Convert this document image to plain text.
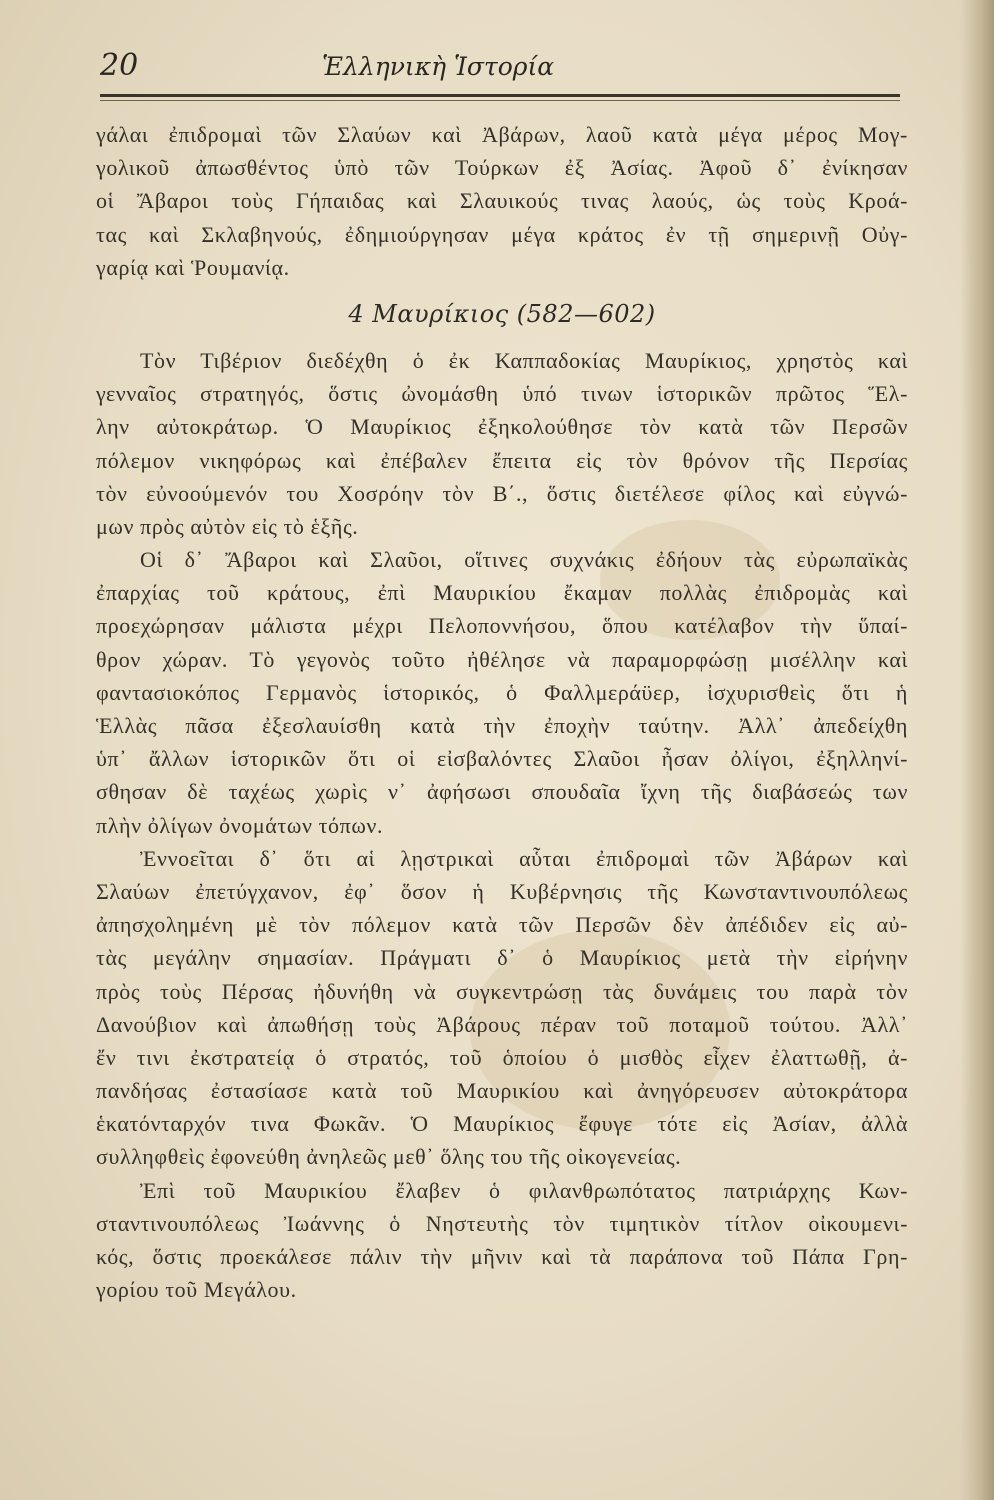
20	Ἑλληνικὴ Ἱστορία
γάλαι ἐπιδρομαὶ τῶν Σλαύων καὶ Ἀβάρων, λαοῦ κατὰ μέγα μέρος Μογ-
γολικοῦ ἀπωσθέντος ὑπὸ τῶν Τούρκων ἐξ Ἀσίας. Ἀφοῦ δ᾽ ἐνίκησαν
οἱ Ἄβαροι τοὺς Γήπαιδας καὶ Σλαυικούς τινας λαούς, ὡς τοὺς Κροά-
τας καὶ Σκλαβηνούς, ἐδημιούργησαν μέγα κράτος ἐν τῇ σημερινῇ Οὐγ-
γαρίᾳ καὶ Ῥουμανίᾳ.
4 Μαυρίκιος (582—602)
Τὸν Τιβέριον διεδέχθη ὁ ἐκ Καππαδοκίας Μαυρίκιος, χρηστὸς καὶ
γενναῖος στρατηγός, ὅστις ὠνομάσθη ὑπό τινων ἱστορικῶν πρῶτος Ἕλ-
λην αὐτοκράτωρ. Ὁ Μαυρίκιος ἐξηκολούθησε τὸν κατὰ τῶν Περσῶν
πόλεμον νικηφόρως καὶ ἐπέβαλεν ἔπειτα εἰς τὸν θρόνον τῆς Περσίας
τὸν εὐνοούμενόν του Χοσρόην τὸν Β΄., ὅστις διετέλεσε φίλος καὶ εὐγνώ-
μων πρὸς αὐτὸν εἰς τὸ ἑξῆς.
Οἱ δ᾽ Ἄβαροι καὶ Σλαῦοι, οἵτινες συχνάκις ἐδήουν τὰς εὐρωπαϊκὰς
ἐπαρχίας τοῦ κράτους, ἐπὶ Μαυρικίου ἔκαμαν πολλὰς ἐπιδρομὰς καὶ
προεχώρησαν μάλιστα μέχρι Πελοποννήσου, ὅπου κατέλαβον τὴν ὕπαί-
θρον χώραν. Τὸ γεγονὸς τοῦτο ἠθέλησε νὰ παραμορφώσῃ μισέλλην καὶ
φαντασιοκόπος Γερμανὸς ἱστορικός, ὁ Φαλλμεράϋερ, ἰσχυρισθεὶς ὅτι ἡ
Ἑλλὰς πᾶσα ἐξεσλαυίσθη κατὰ τὴν ἐποχὴν ταύτην. Ἀλλ᾽ ἀπεδείχθη
ὑπ᾽ ἄλλων ἱστορικῶν ὅτι οἱ εἰσβαλόντες Σλαῦοι ἦσαν ὀλίγοι, ἐξηλληνί-
σθησαν δὲ ταχέως χωρὶς ν᾽ ἀφήσωσι σπουδαῖα ἴχνη τῆς διαβάσεώς των
πλὴν ὀλίγων ὀνομάτων τόπων.
Ἐννοεῖται δ᾽ ὅτι αἱ λῃστρικαὶ αὗται ἐπιδρομαὶ τῶν Ἀβάρων καὶ
Σλαύων ἐπετύγχανον, ἐφ᾽ ὅσον ἡ Κυβέρνησις τῆς Κωνσταντινουπόλεως
ἀπησχολημένη μὲ τὸν πόλεμον κατὰ τῶν Περσῶν δὲν ἀπέδιδεν εἰς αὐ-
τὰς μεγάλην σημασίαν. Πράγματι δ᾽ ὁ Μαυρίκιος μετὰ τὴν εἰρήνην
πρὸς τοὺς Πέρσας ἠδυνήθη νὰ συγκεντρώσῃ τὰς δυνάμεις του παρὰ τὸν
Δανούβιον καὶ ἀπωθήσῃ τοὺς Ἀβάρους πέραν τοῦ ποταμοῦ τούτου. Ἀλλ᾽
ἔν τινι ἐκστρατείᾳ ὁ στρατός, τοῦ ὁποίου ὁ μισθὸς εἶχεν ἐλαττωθῇ, ἀ-
πανδήσας ἐστασίασε κατὰ τοῦ Μαυρικίου καὶ ἀνηγόρευσεν αὐτοκράτορα
ἑκατόνταρχόν τινα Φωκᾶν. Ὁ Μαυρίκιος ἔφυγε τότε εἰς Ἀσίαν, ἀλλὰ
συλληφθεὶς ἐφονεύθη ἀνηλεῶς μεθ᾽ ὅλης του τῆς οἰκογενείας.
Ἐπὶ τοῦ Μαυρικίου ἔλαβεν ὁ φιλανθρωπότατος πατριάρχης Κων-
σταντινουπόλεως Ἰωάννης ὁ Νηστευτὴς τὸν τιμητικὸν τίτλον οἰκουμενι-
κός, ὅστις προεκάλεσε πάλιν τὴν μῆνιν καὶ τὰ παράπονα τοῦ Πάπα Γρη-
γορίου τοῦ Μεγάλου.
